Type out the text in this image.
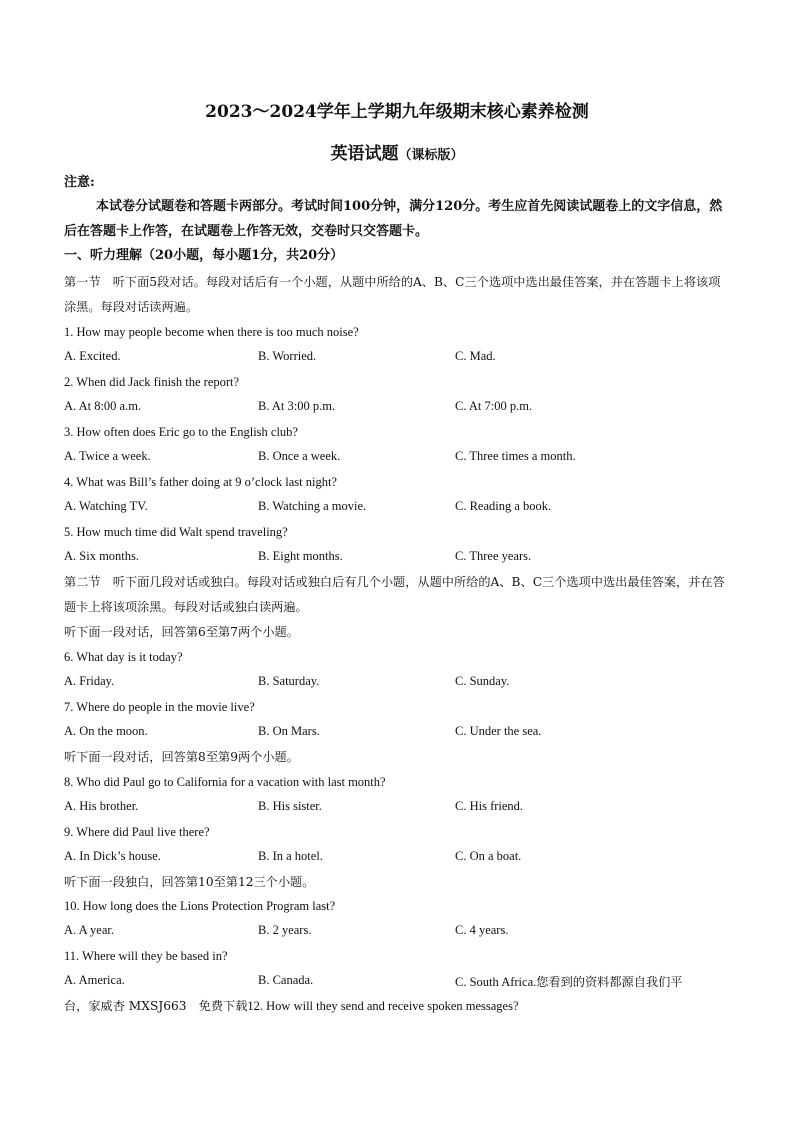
2023～2024学年上学期九年级期末核心素养检测
英语试题（课标版）
注意:
本试卷分试题卷和答题卡两部分。考试时间100分钟，满分120分。考生应首先阅读试题卷上的文字信息，然后在答题卡上作答，在试题卷上作答无效，交卷时只交答题卡。
一、听力理解（20小题，每小题1分，共20分）
第一节　听下面5段对话。每段对话后有一个小题，从题中所给的A、B、C三个选项中选出最佳答案，并在答题卡上将该项涂黑。每段对话读两遍。
1. How may people become when there is too much noise?
A. Excited.	B. Worried.	C. Mad.
2. When did Jack finish the report?
A. At 8:00 a.m.	B. At 3:00 p.m.	C. At 7:00 p.m.
3. How often does Eric go to the English club?
A. Twice a week.	B. Once a week.	C. Three times a month.
4. What was Bill’s father doing at 9 o’clock last night?
A. Watching TV.	B. Watching a movie.	C. Reading a book.
5. How much time did Walt spend traveling?
A. Six months.	B. Eight months.	C. Three years.
第二节　听下面几段对话或独白。每段对话或独白后有几个小题，从题中所给的A、B、C三个选项中选出最佳答案，并在答题卡上将该项涂黑。每段对话或独白读两遍。
听下面一段对话，回答第6至第7两个小题。
6. What day is it today?
A. Friday.	B. Saturday.	C. Sunday.
7. Where do people in the movie live?
A. On the moon.	B. On Mars.	C. Under the sea.
听下面一段对话，回答第8至第9两个小题。
8. Who did Paul go to California for a vacation with last month?
A. His brother.	B. His sister.	C. His friend.
9. Where did Paul live there?
A. In Dick’s house.	B. In a hotel.	C. On a boat.
听下面一段独白，回答第10至第12三个小题。
10. How long does the Lions Protection Program last?
A. A year.	B. 2 years.	C. 4 years.
11. Where will they be based in?
A. America.	B. Canada.	C. South Africa.您看到的资料都源自我们平
台，家威杏 MXSJ663　免费下载12. How will they send and receive spoken messages?
